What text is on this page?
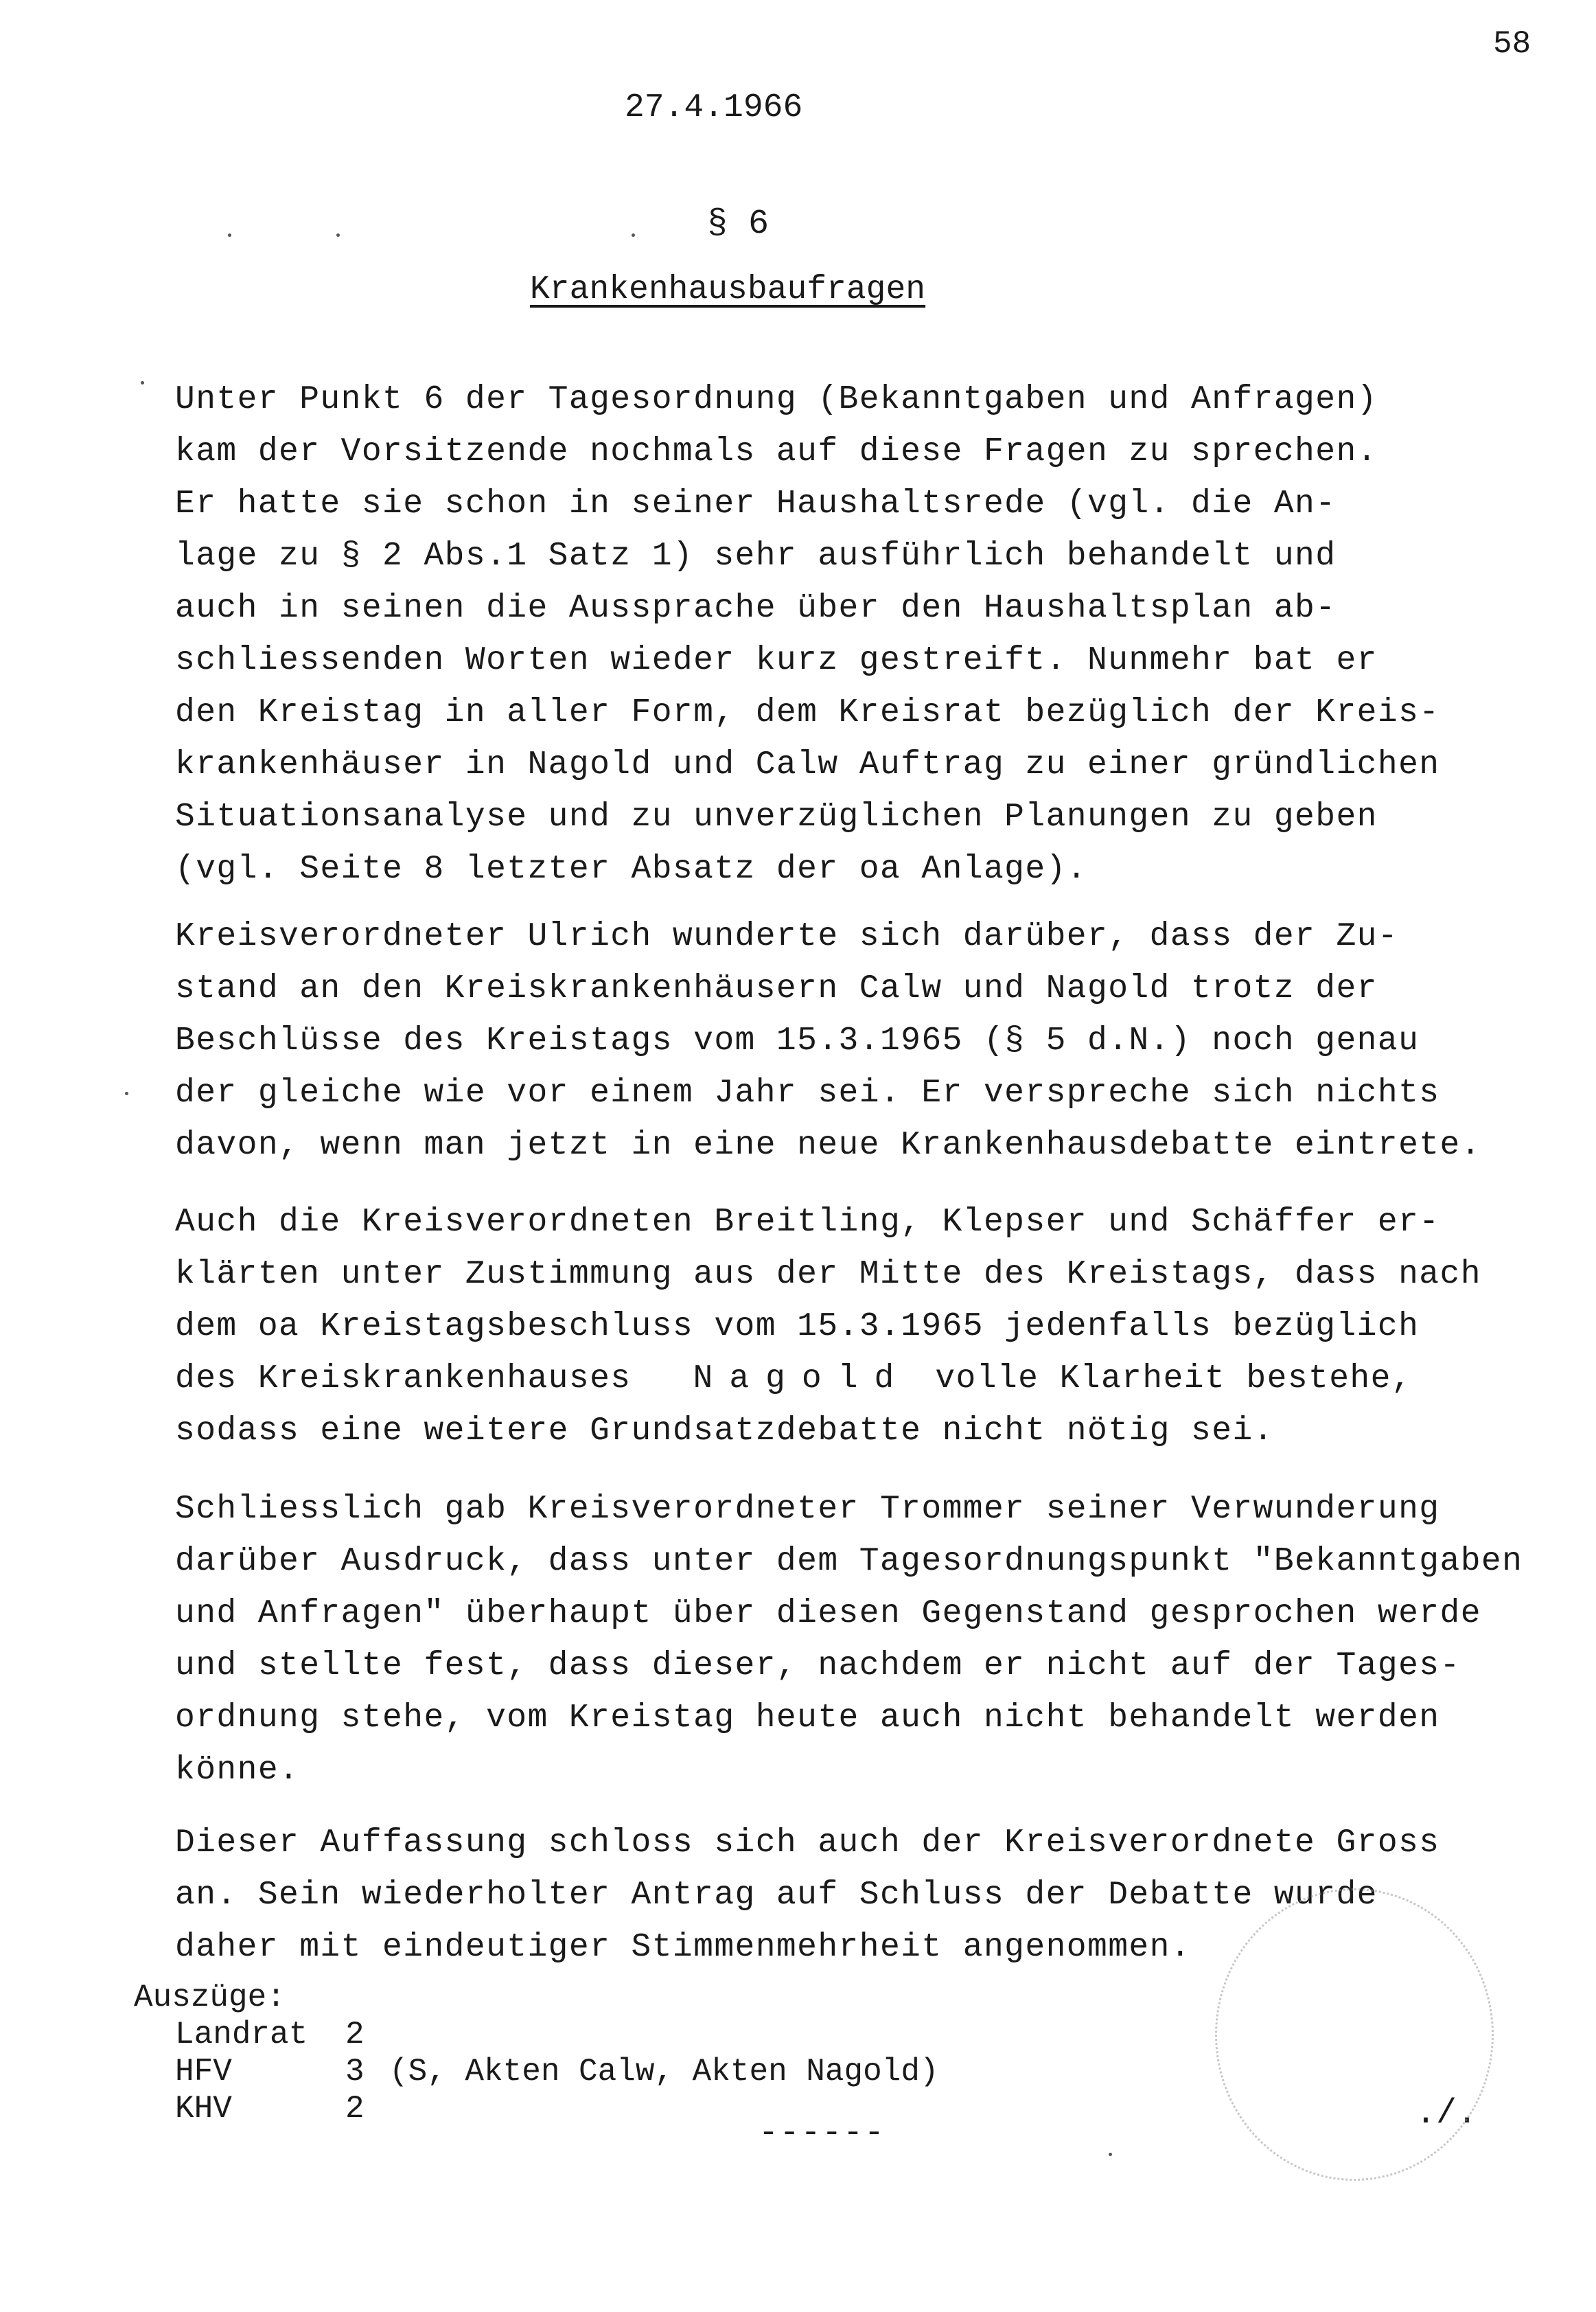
58
27.4.1966
§ 6
Krankenhausbaufragen
Unter Punkt 6 der Tagesordnung (Bekanntgaben und Anfragen)
kam der Vorsitzende nochmals auf diese Fragen zu sprechen.
Er hatte sie schon in seiner Haushaltsrede (vgl. die An-
lage zu § 2 Abs.1 Satz 1) sehr ausführlich behandelt und
auch in seinen die Aussprache über den Haushaltsplan ab-
schliessenden Worten wieder kurz gestreift. Nunmehr bat er
den Kreistag in aller Form, dem Kreisrat bezüglich der Kreis-
krankenhäuser in Nagold und Calw Auftrag zu einer gründlichen
Situationsanalyse und zu unverzüglichen Planungen zu geben
(vgl. Seite 8 letzter Absatz der oa Anlage).
Kreisverordneter Ulrich wunderte sich darüber, dass der Zu-
stand an den Kreiskrankenhäusern Calw und Nagold trotz der
Beschlüsse des Kreistags vom 15.3.1965 (§ 5 d.N.) noch genau
der gleiche wie vor einem Jahr sei. Er verspreche sich nichts
davon, wenn man jetzt in eine neue Krankenhausdebatte eintrete.
Auch die Kreisverordneten Breitling, Klepser und Schäffer er-
klärten unter Zustimmung aus der Mitte des Kreistags, dass nach
dem oa Kreistagsbeschluss vom 15.3.1965 jedenfalls bezüglich
des Kreiskrankenhauses Nagold volle Klarheit bestehe,
sodass eine weitere Grundsatzdebatte nicht nötig sei.
Schliesslich gab Kreisverordneter Trommer seiner Verwunderung
darüber Ausdruck, dass unter dem Tagesordnungspunkt "Bekanntgaben
und Anfragen" überhaupt über diesen Gegenstand gesprochen werde
und stellte fest, dass dieser, nachdem er nicht auf der Tages-
ordnung stehe, vom Kreistag heute auch nicht behandelt werden
könne.
Dieser Auffassung schloss sich auch der Kreisverordnete Gross
an. Sein wiederholter Antrag auf Schluss der Debatte wurde
daher mit eindeutiger Stimmenmehrheit angenommen.
Auszüge:
Landrat 2
HFV	3 (S, Akten Calw, Akten Nagold)
KHV	2
------	./.
